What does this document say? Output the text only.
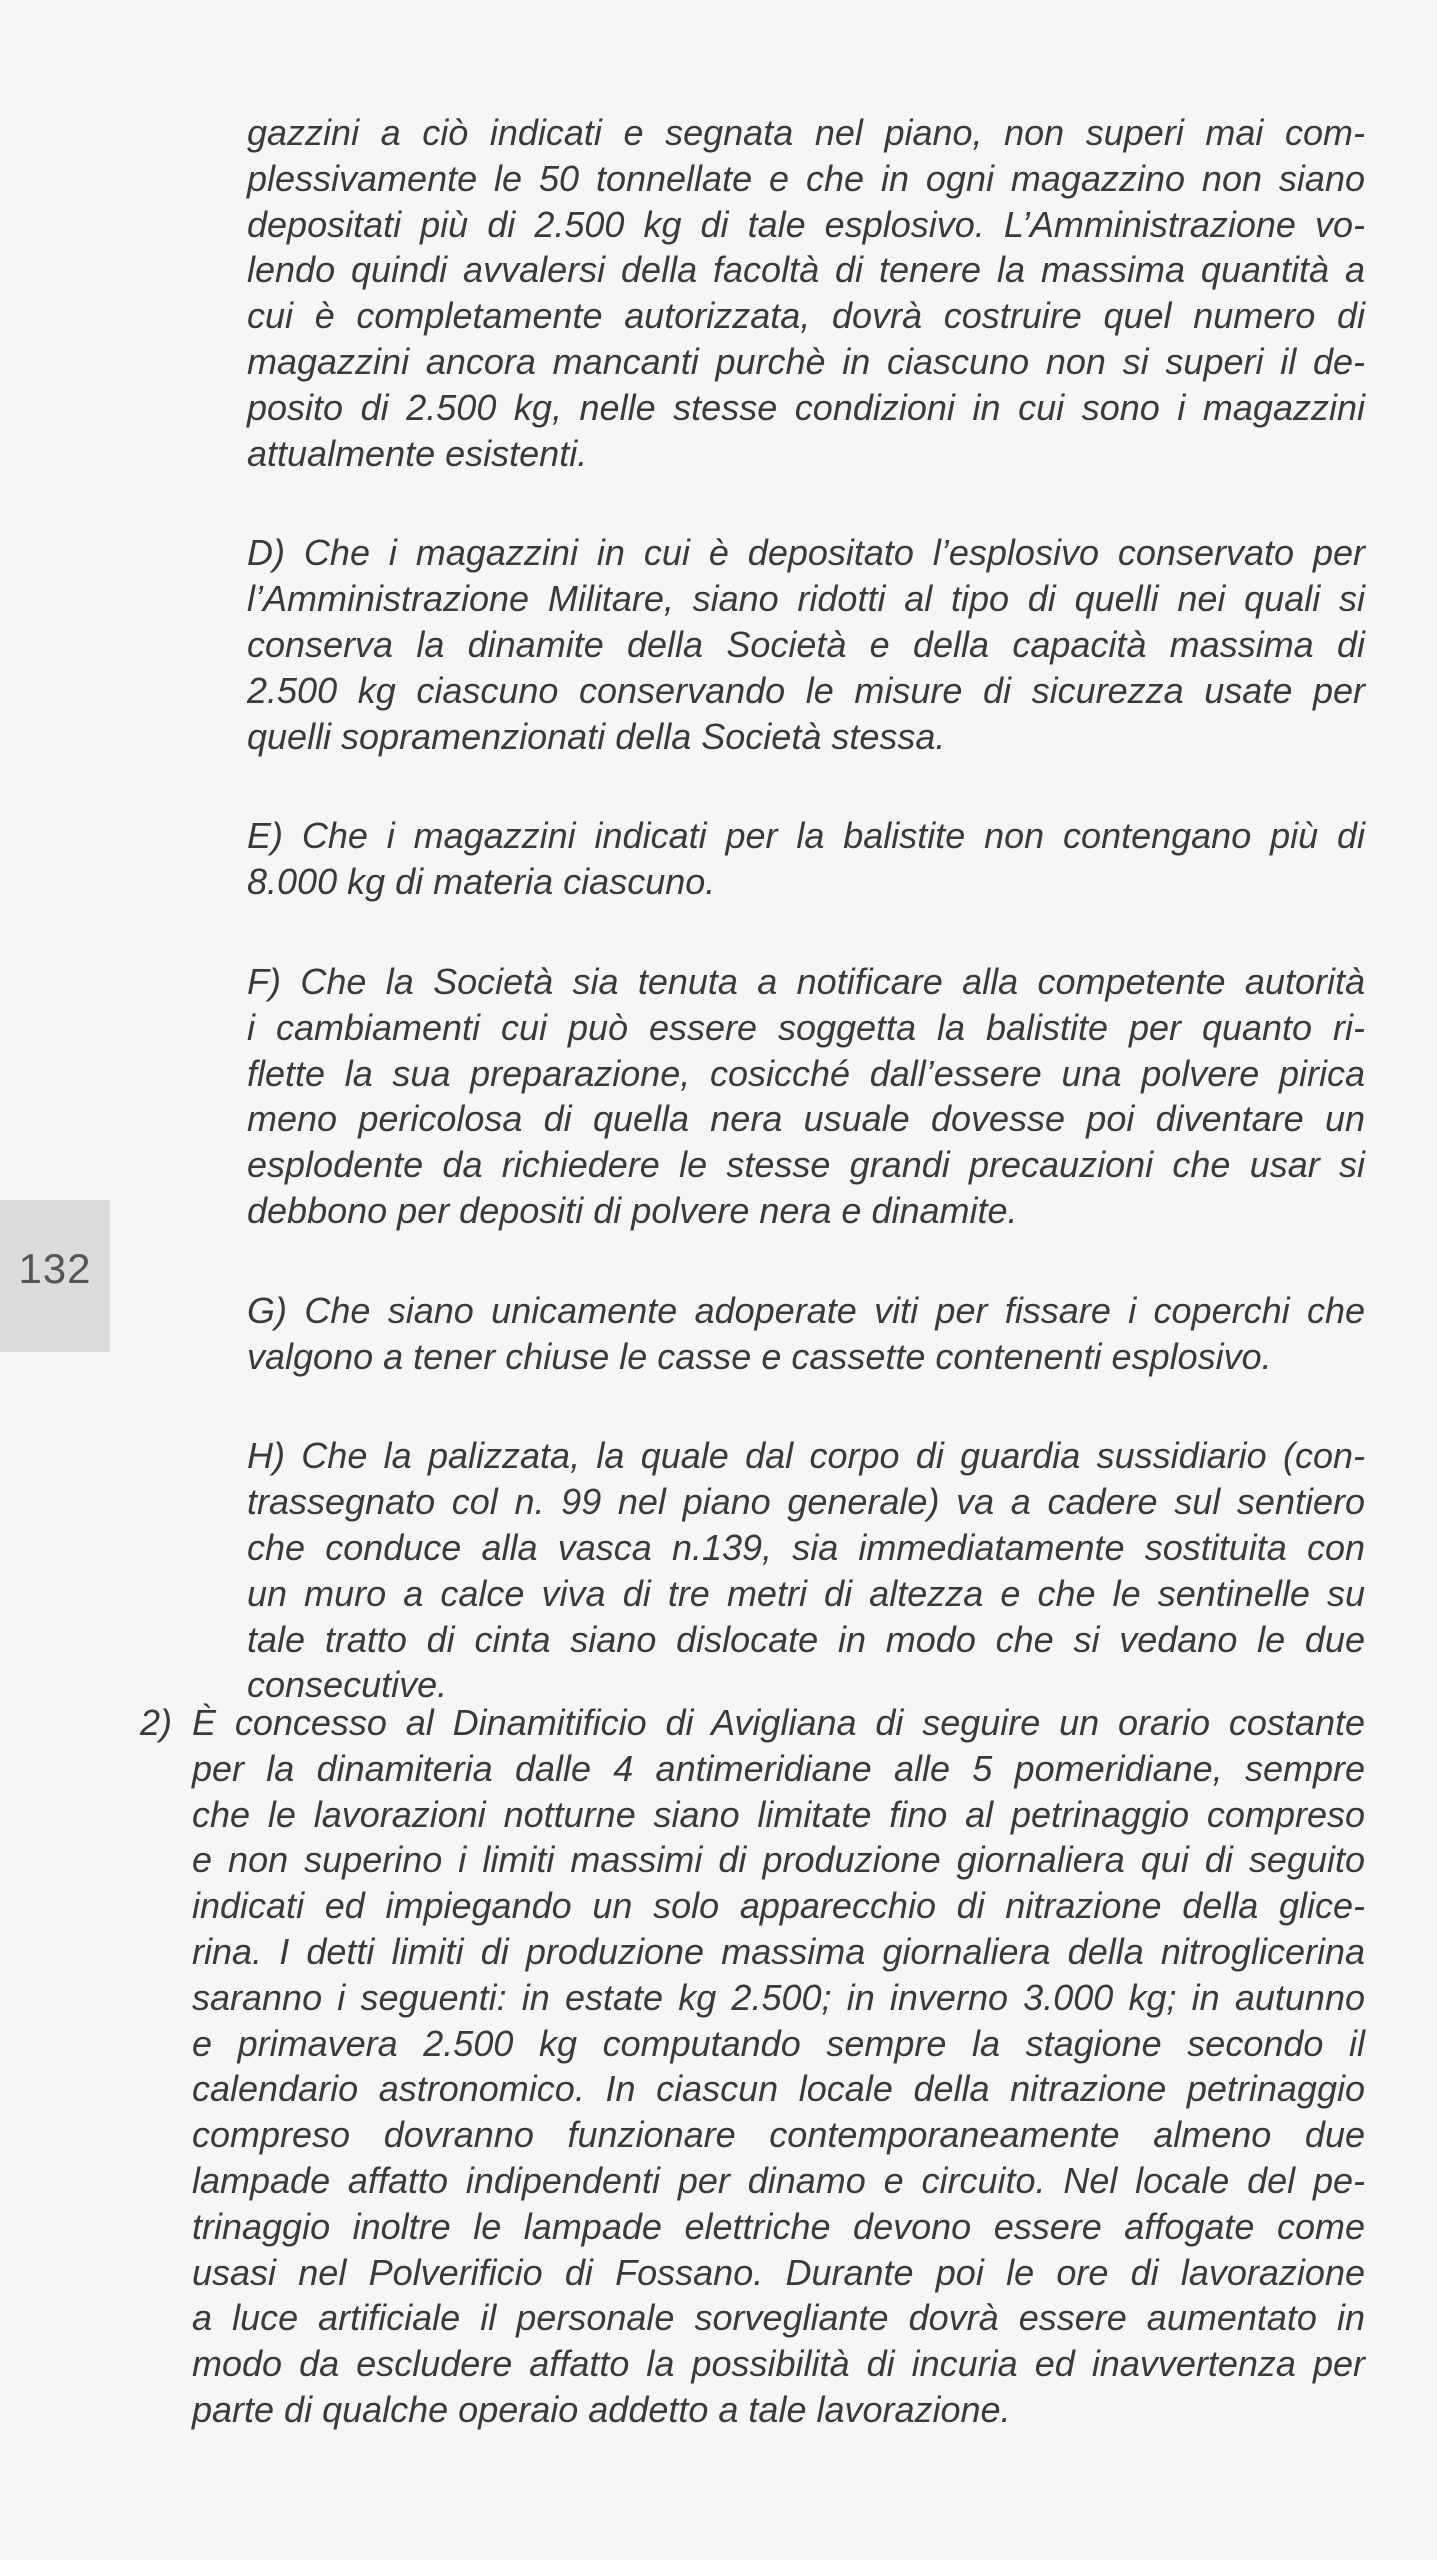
132

gazzini a ciò indicati e segnata nel piano, non superi mai com-
plessivamente le 50 tonnellate e che in ogni magazzino non siano
depositati più di 2.500 kg di tale esplosivo. L’Amministrazione vo-
lendo quindi avvalersi della facoltà di tenere la massima quantità a
cui è completamente autorizzata, dovrà costruire quel numero di
magazzini ancora mancanti purchè in ciascuno non si superi il de-
posito di 2.500 kg, nelle stesse condizioni in cui sono i magazzini
attualmente esistenti.

D) Che i magazzini in cui è depositato l’esplosivo conservato per
l’Amministrazione Militare, siano ridotti al tipo di quelli nei quali si
conserva la dinamite della Società e della capacità massima di
2.500 kg ciascuno conservando le misure di sicurezza usate per
quelli sopramenzionati della Società stessa.

E) Che i magazzini indicati per la balistite non contengano più di
8.000 kg di materia ciascuno.

F) Che la Società sia tenuta a notificare alla competente autorità
i cambiamenti cui può essere soggetta la balistite per quanto ri-
flette la sua preparazione, cosicché dall’essere una polvere pirica
meno pericolosa di quella nera usuale dovesse poi diventare un
esplodente da richiedere le stesse grandi precauzioni che usar si
debbono per depositi di polvere nera e dinamite.

G) Che siano unicamente adoperate viti per fissare i coperchi che
valgono a tener chiuse le casse e cassette contenenti esplosivo.

H) Che la palizzata, la quale dal corpo di guardia sussidiario (con-
trassegnato col n. 99 nel piano generale) va a cadere sul sentiero
che conduce alla vasca n.139, sia immediatamente sostituita con
un muro a calce viva di tre metri di altezza e che le sentinelle su
tale tratto di cinta siano dislocate in modo che si vedano le due
consecutive.

2) È concesso al Dinamitificio di Avigliana di seguire un orario costante
per la dinamiteria dalle 4 antimeridiane alle 5 pomeridiane, sempre
che le lavorazioni notturne siano limitate fino al petrinaggio compreso
e non superino i limiti massimi di produzione giornaliera qui di seguito
indicati ed impiegando un solo apparecchio di nitrazione della glice-
rina. I detti limiti di produzione massima giornaliera della nitroglicerina
saranno i seguenti: in estate kg 2.500; in inverno 3.000 kg; in autunno
e primavera 2.500 kg computando sempre la stagione secondo il
calendario astronomico. In ciascun locale della nitrazione petrinaggio
compreso dovranno funzionare contemporaneamente almeno due
lampade affatto indipendenti per dinamo e circuito. Nel locale del pe-
trinaggio inoltre le lampade elettriche devono essere affogate come
usasi nel Polverificio di Fossano. Durante poi le ore di lavorazione
a luce artificiale il personale sorvegliante dovrà essere aumentato in
modo da escludere affatto la possibilità di incuria ed inavvertenza per
parte di qualche operaio addetto a tale lavorazione.
